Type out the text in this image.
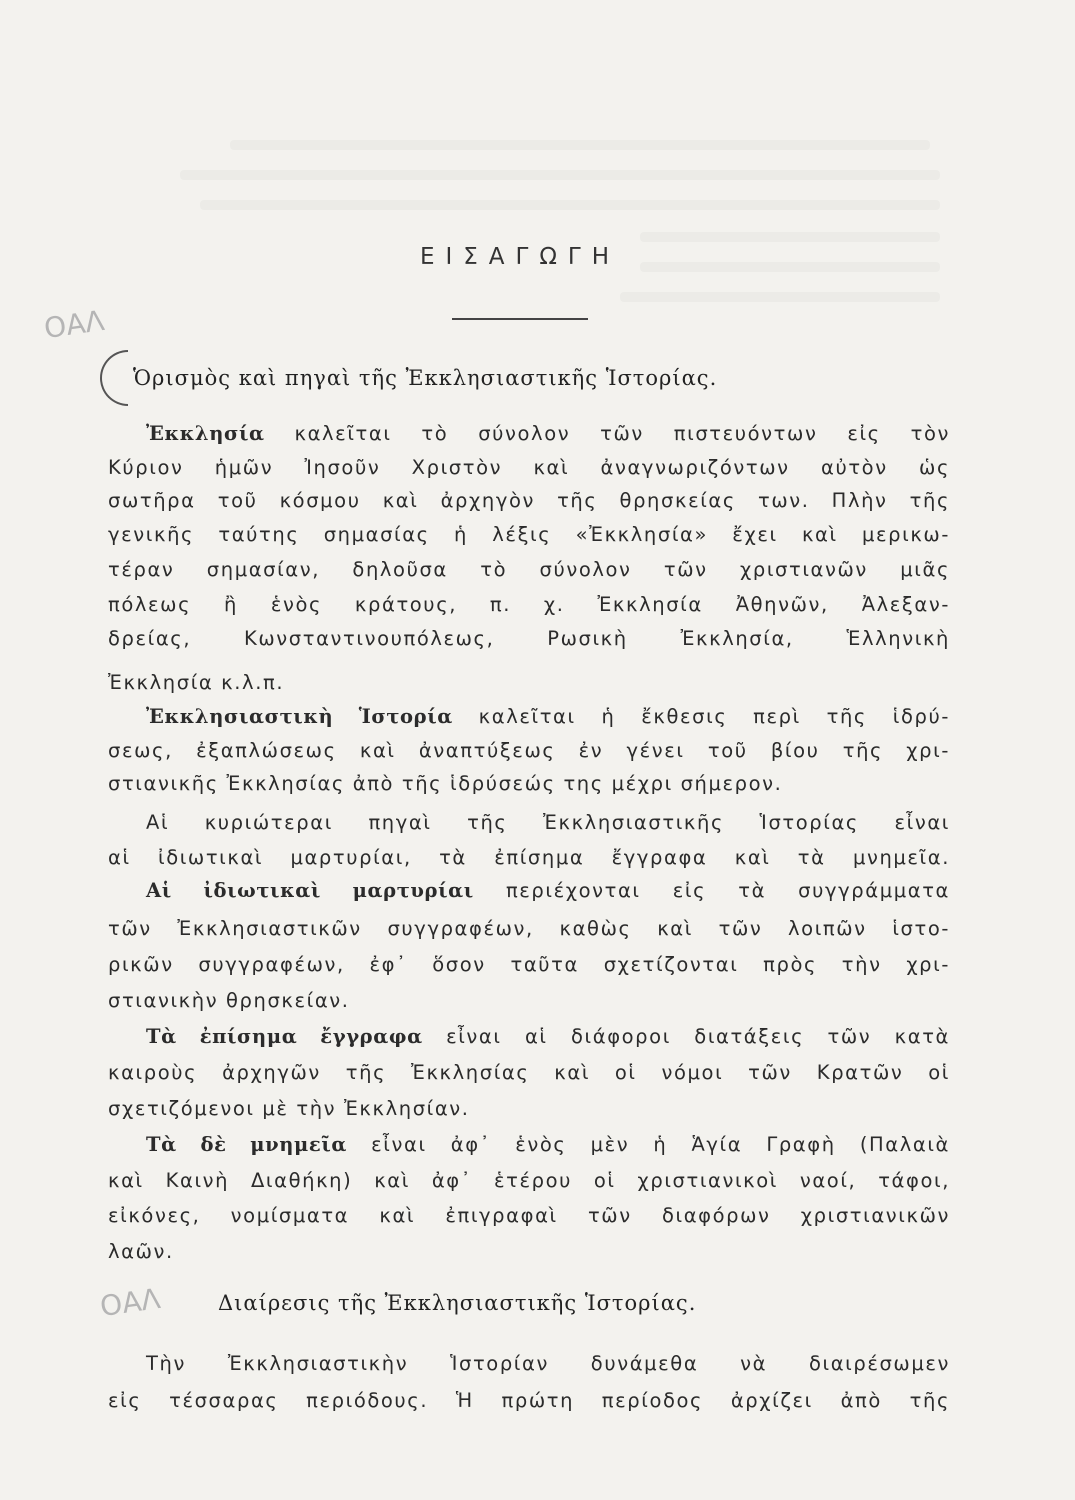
ΕΙΣΑΓΩΓΗ
ΟΑΛ
Ὁρισμὸς καὶ πηγαὶ τῆς Ἐκκλησιαστικῆς Ἱστορίας.
Ἐκκλησία καλεῖται τὸ σύνολον τῶν πιστευόντων εἰς τὸν
Κύριον ἡμῶν Ἰησοῦν Χριστὸν καὶ ἀναγνωριζόντων αὐτὸν ὡς
σωτῆρα τοῦ κόσμου καὶ ἀρχηγὸν τῆς θρησκείας των. Πλὴν τῆς
γενικῆς ταύτης σημασίας ἡ λέξις «Ἐκκλησία» ἔχει καὶ μερικω-
τέραν σημασίαν, δηλοῦσα τὸ σύνολον τῶν χριστιανῶν μιᾶς
πόλεως ἢ ἑνὸς κράτους, π. χ. Ἐκκλησία Ἀθηνῶν, Ἀλεξαν-
δρείας, Κωνσταντινουπόλεως, Ρωσικὴ Ἐκκλησία, Ἑλληνικὴ
Ἐκκλησία κ.λ.π.
Ἐκκλησιαστικὴ Ἱστορία καλεῖται ἡ ἔκθεσις περὶ τῆς ἱδρύ-
σεως, ἐξαπλώσεως καὶ ἀναπτύξεως ἐν γένει τοῦ βίου τῆς χρι-
στιανικῆς Ἐκκλησίας ἀπὸ τῆς ἱδρύσεώς της μέχρι σήμερον.
Αἱ κυριώτεραι πηγαὶ τῆς Ἐκκλησιαστικῆς Ἱστορίας εἶναι
αἱ ἰδιωτικαὶ μαρτυρίαι, τὰ ἐπίσημα ἔγγραφα καὶ τὰ μνημεῖα.
Αἱ ἰδιωτικαὶ μαρτυρίαι περιέχονται εἰς τὰ συγγράμματα
τῶν Ἐκκλησιαστικῶν συγγραφέων, καθὼς καὶ τῶν λοιπῶν ἱστο-
ρικῶν συγγραφέων, ἐφ᾽ ὅσον ταῦτα σχετίζονται πρὸς τὴν χρι-
στιανικὴν θρησκείαν.
Τὰ ἐπίσημα ἔγγραφα εἶναι αἱ διάφοροι διατάξεις τῶν κατὰ
καιροὺς ἀρχηγῶν τῆς Ἐκκλησίας καὶ οἱ νόμοι τῶν Κρατῶν οἱ
σχετιζόμενοι μὲ τὴν Ἐκκλησίαν.
Τὰ δὲ μνημεῖα εἶναι ἀφ᾽ ἑνὸς μὲν ἡ Ἁγία Γραφὴ (Παλαιὰ
καὶ Καινὴ Διαθήκη) καὶ ἀφ᾽ ἑτέρου οἱ χριστιανικοὶ ναοί, τάφοι,
εἰκόνες, νομίσματα καὶ ἐπιγραφαὶ τῶν διαφόρων χριστιανικῶν
λαῶν.
ΟΑΛ	Διαίρεσις τῆς Ἐκκλησιαστικῆς Ἱστορίας.
Τὴν Ἐκκλησιαστικὴν Ἱστορίαν δυνάμεθα νὰ διαιρέσωμεν
εἰς τέσσαρας περιόδους. Ἡ πρώτη περίοδος ἀρχίζει ἀπὸ τῆς
